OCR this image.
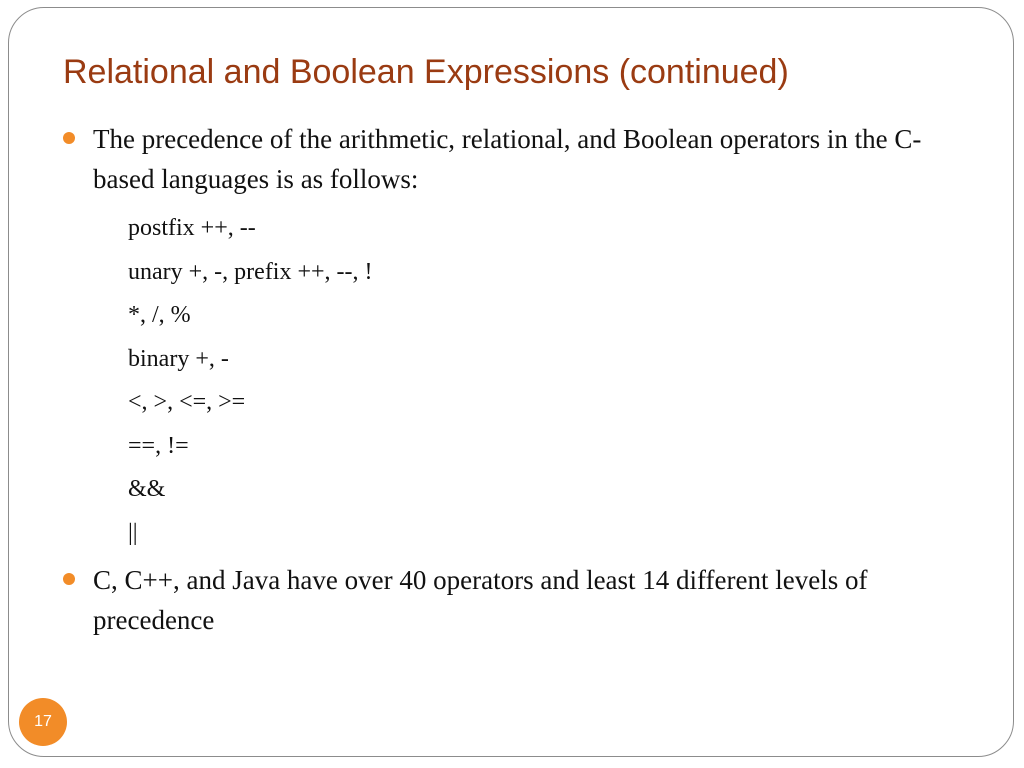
Relational and Boolean Expressions (continued)
The precedence of the arithmetic, relational, and Boolean operators in the C-based languages is as follows:
postfix ++, --
unary +, -, prefix ++, --, !
*, /, %
binary +, -
<, >, <=, >=
==, !=
&&
||
C, C++, and Java have over 40 operators and least 14 different levels of precedence
17
